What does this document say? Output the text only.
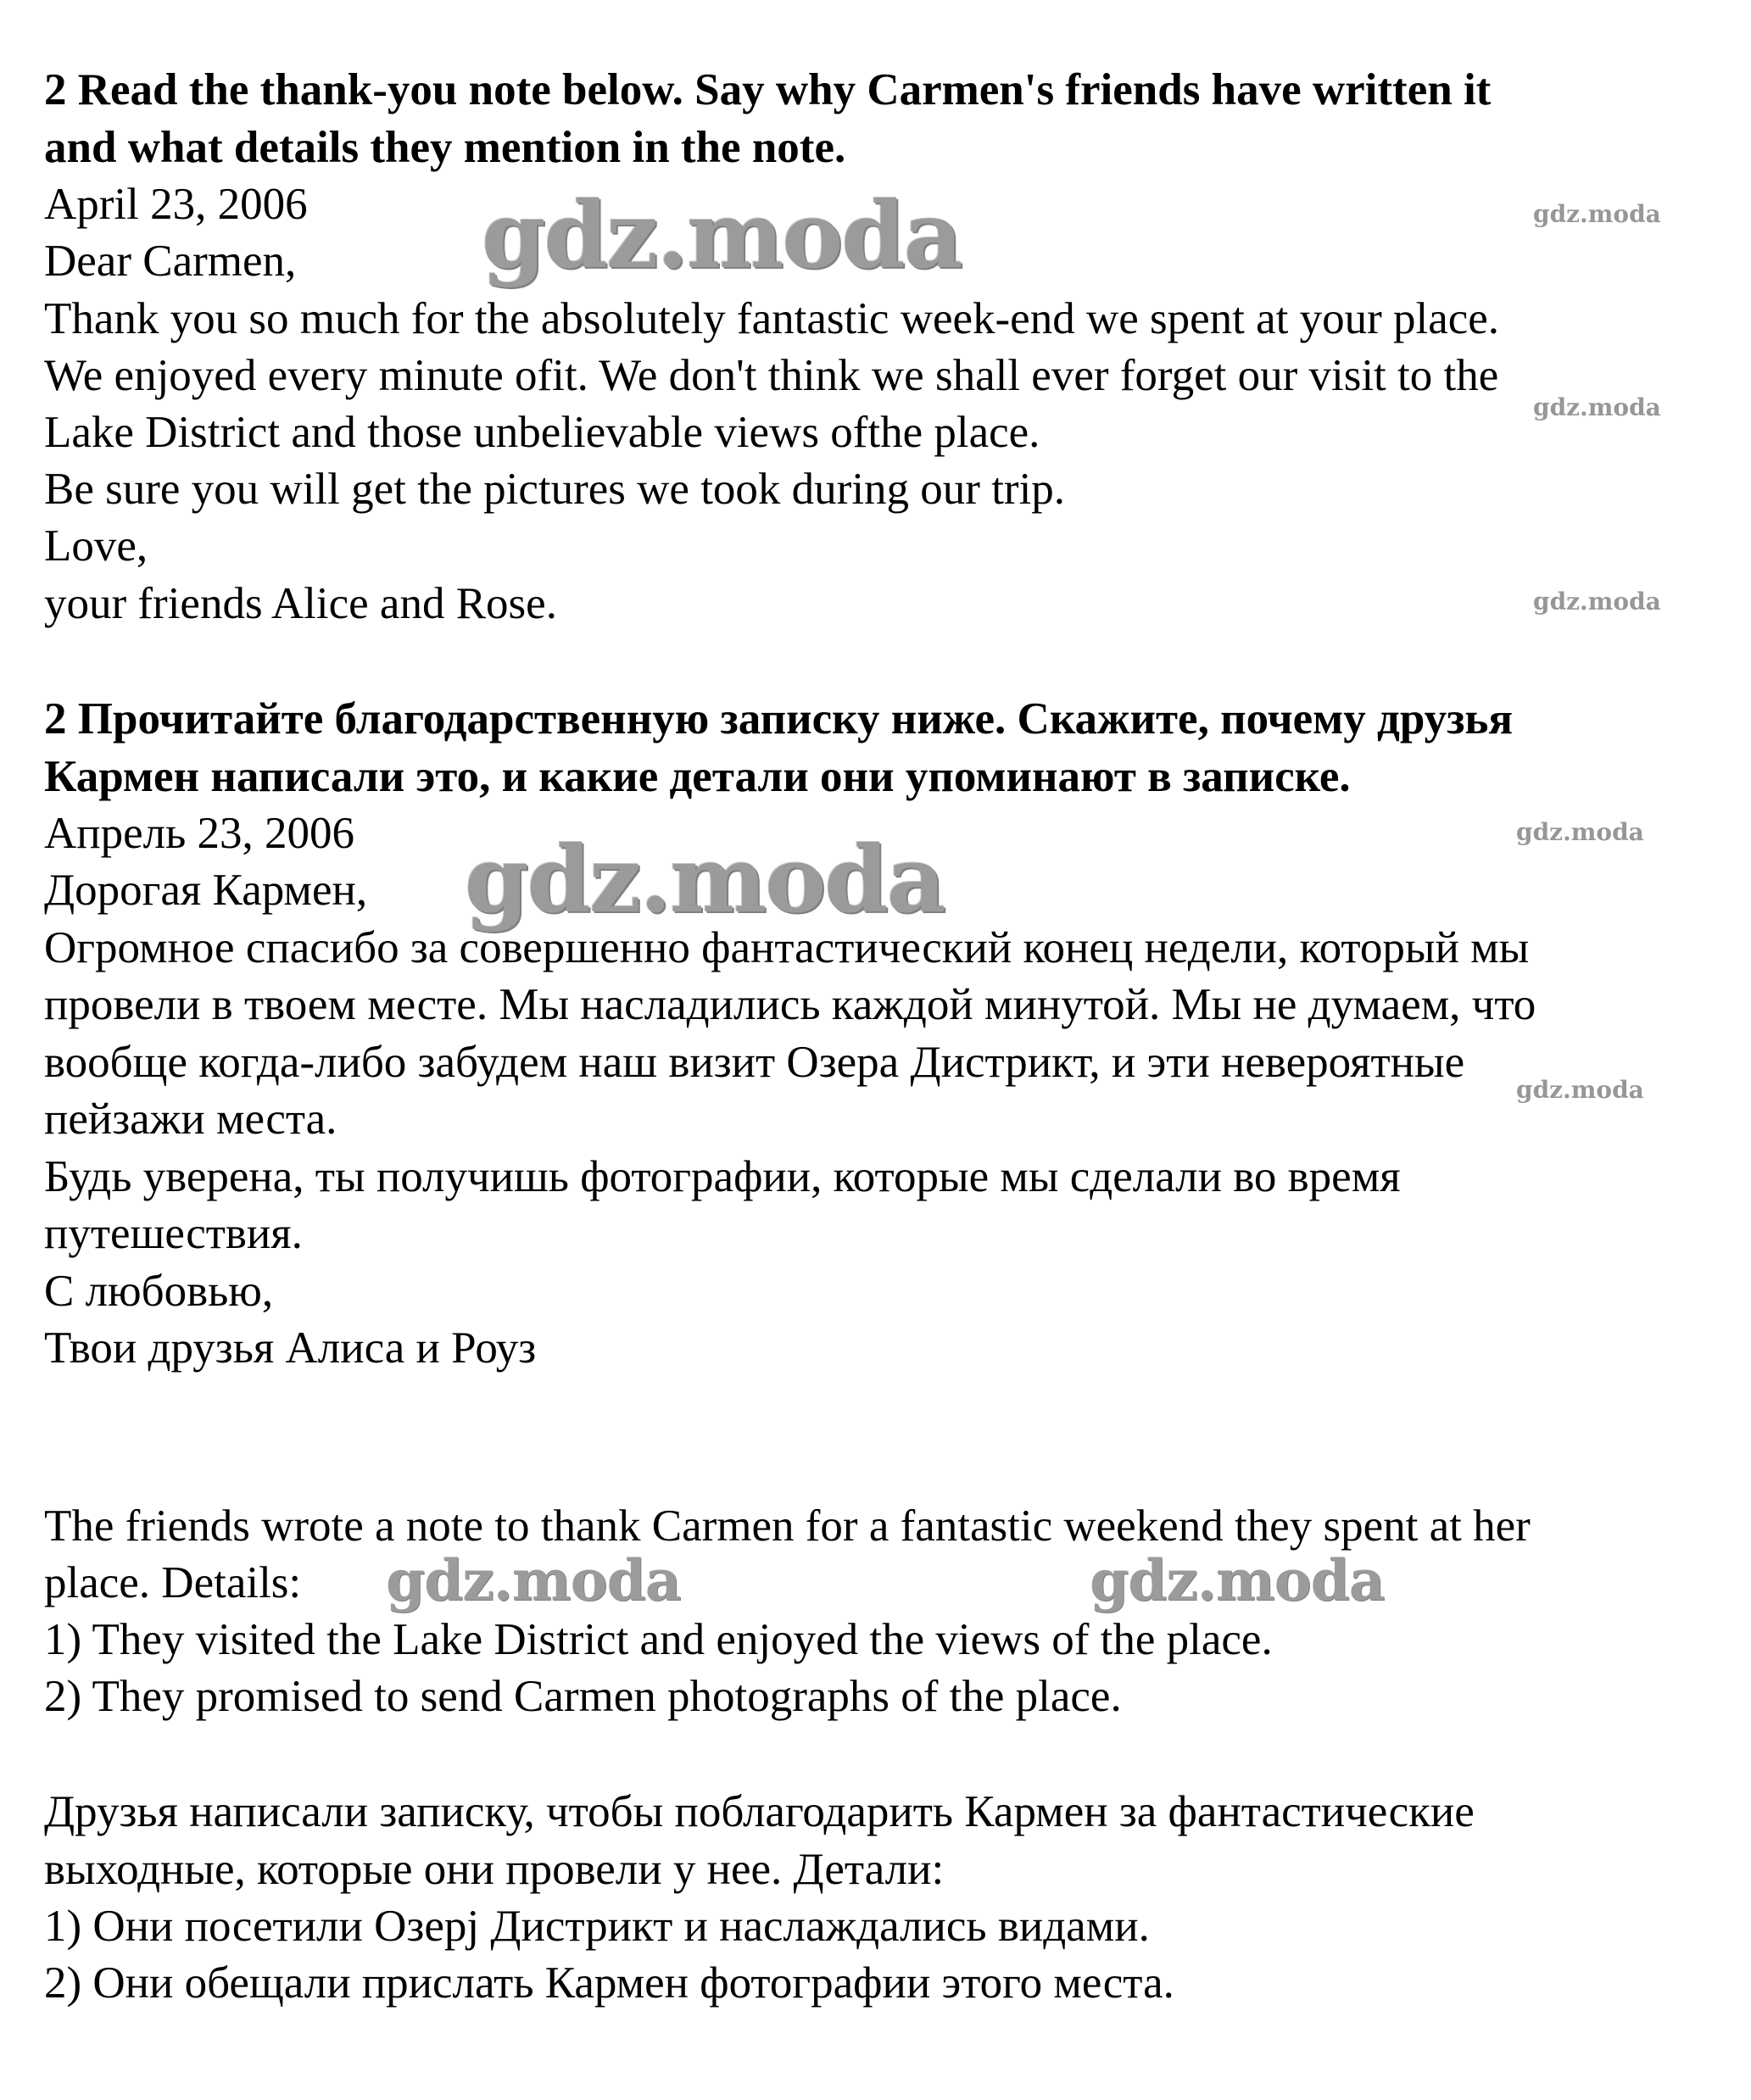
gdz.moda
gdz.moda
gdz.moda	gdz.moda
gdz.moda
gdz.moda
gdz.moda
gdz.moda
gdz.moda
2 Read the thank-you note below. Say why Carmen's friends have written it
and what details they mention in the note.
April 23, 2006
Dear Carmen,
Thank you so much for the absolutely fantastic week-end we spent at your place.
We enjoyed every minute ofit. We don't think we shall ever forget our visit to the
Lake District and those unbelievable views ofthe place.
Be sure you will get the pictures we took during our trip.
Love,
your friends Alice and Rose.
2 Прочитайте благодарственную записку ниже. Скажите, почему друзья
Кармен написали это, и какие детали они упоминают в записке.
Апрель 23, 2006
Дорогая Кармен,
Огромное спасибо за совершенно фантастический конец недели, который мы
провели в твоем месте. Мы насладились каждой минутой. Мы не думаем, что
вообще когда-либо забудем наш визит Озера Дистрикт, и эти невероятные
пейзажи места.
Будь уверена, ты получишь фотографии, которые мы сделали во время
путешествия.
С любовью,
Твои друзья Алиса и Роуз
The friends wrote a note to thank Carmen for a fantastic weekend they spent at her
place. Details:
1) They visited the Lake District and enjoyed the views of the place.
2) They promised to send Carmen photographs of the place.
Друзья написали записку, чтобы поблагодарить Кармен за фантастические
выходные, которые они провели у нее. Детали:
1) Они посетили Озерј Дистрикт и наслаждались видами.
2) Они обещали прислать Кармен фотографии этого места.
